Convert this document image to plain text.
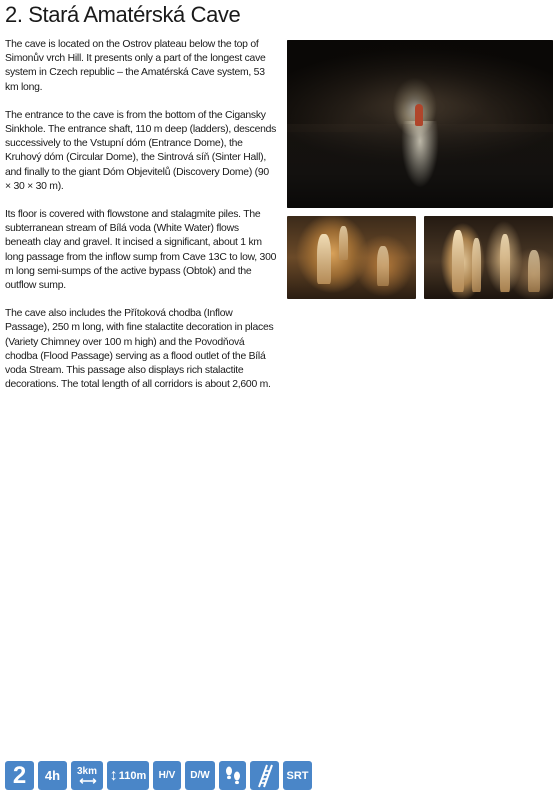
2. Stará Amatérská Cave

The cave is located on the Ostrov plateau below the top of Simonův vrch Hill. It presents only a part of the longest cave system in Czech republic – the Amatérská Cave system, 53 km long.

The entrance to the cave is from the bottom of the Cigansky Sinkhole. The entrance shaft, 110 m deep (ladders), descends successively to the Vstupní dóm (Entrance Dome), the Kruhový dóm (Circular Dome), the Sintrová síň (Sinter Hall), and finally to the giant Dóm Objevitelů (Discovery Dome) (90 × 30 × 30 m).

Its floor is covered with flowstone and stalagmite piles. The subterranean stream of Bílá voda (White Water) flows beneath clay and gravel. It incised a significant, about 1 km long passage from the inflow sump from Cave 13C to low, 300 m long semi-sumps of the active bypass (Obtok) and the outflow sump.

The cave also includes the Přítoková chodba (Inflow Passage), 250 m long, with fine stalactite decoration in places (Variety Chimney over 100 m high) and the Povodňová chodba (Flood Passage) serving as a flood outlet of the Bílá voda Stream. This passage also displays rich stalactite decorations. The total length of all corridors is about 2,600 m.

2	4h	3km
⟷ ↕ 110m	H/V	D/W	SRT
